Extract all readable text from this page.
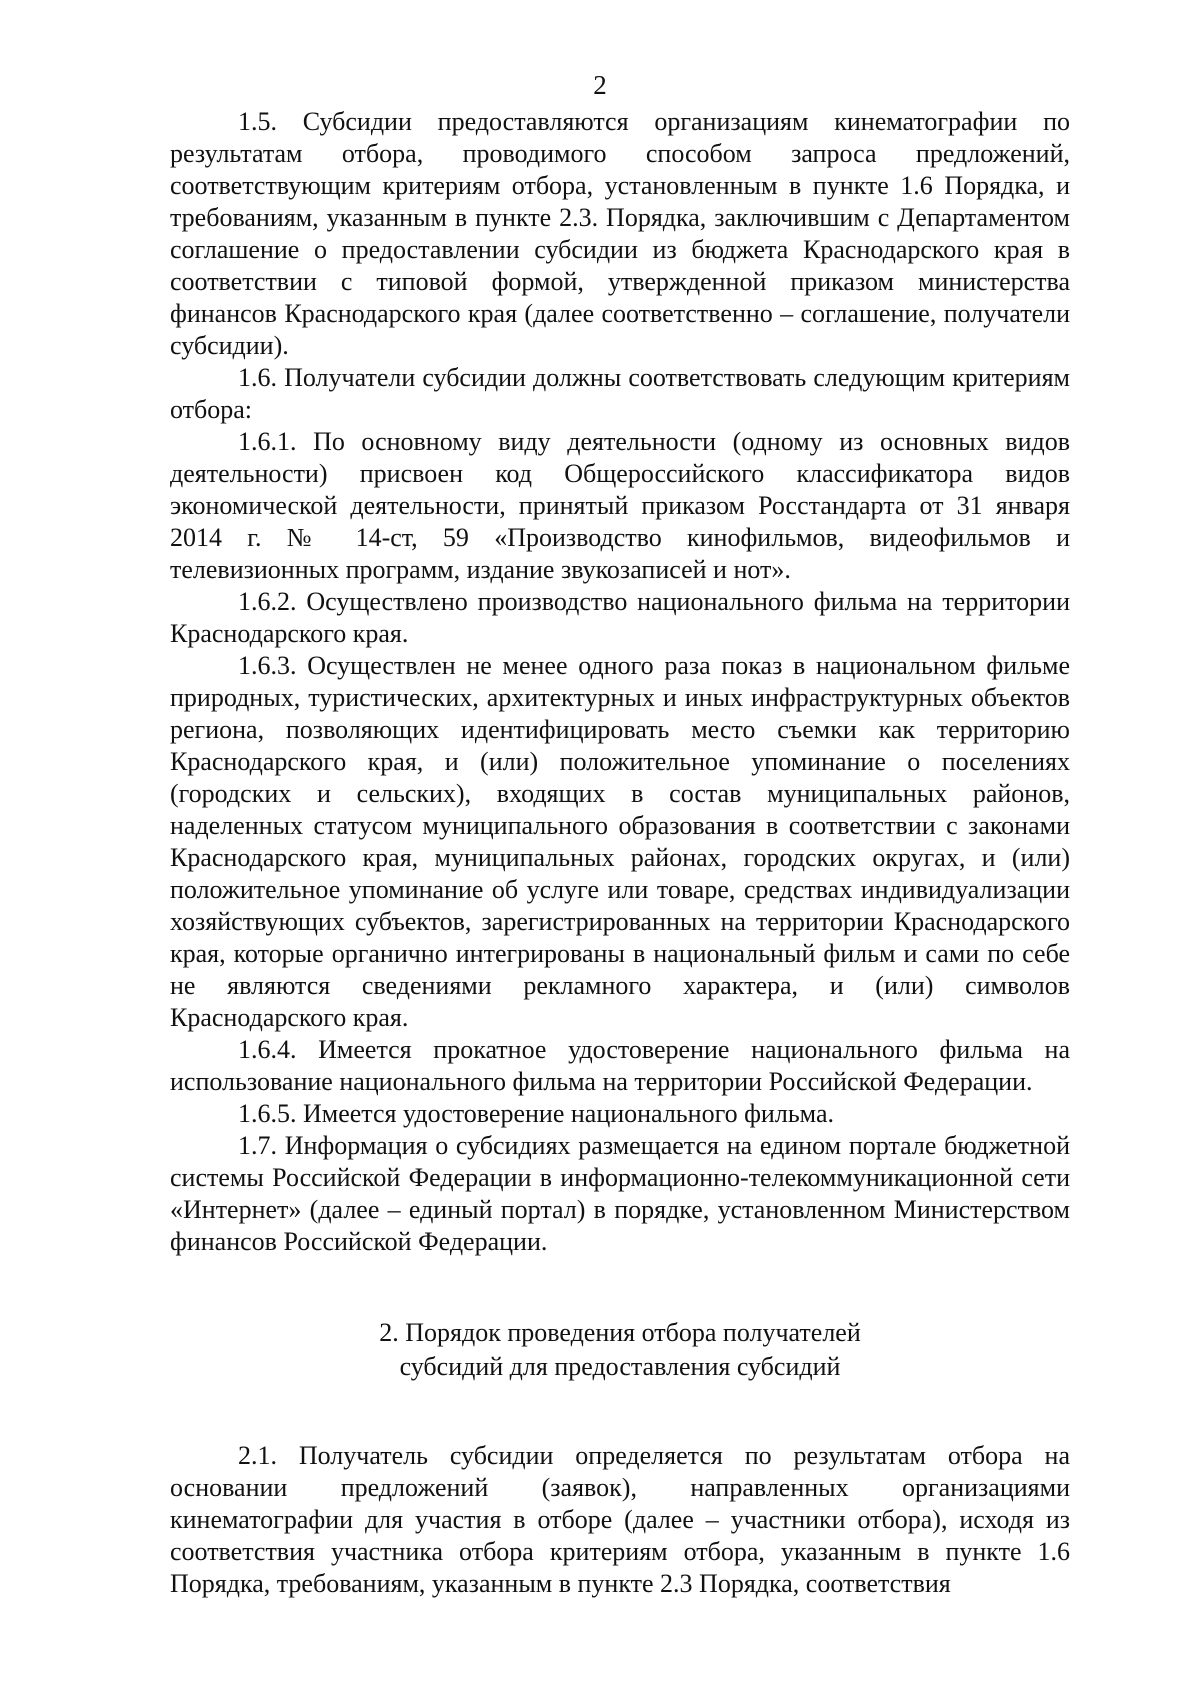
2

1.5. Субсидии предоставляются организациям кинематографии по результатам отбора, проводимого способом запроса предложений, соответствующим критериям отбора, установленным в пункте 1.6 Порядка, и требованиям, указанным в пункте 2.3. Порядка, заключившим с Департаментом соглашение о предоставлении субсидии из бюджета Краснодарского края в соответствии с типовой формой, утвержденной приказом министерства финансов Краснодарского края (далее соответственно – соглашение, получатели субсидии).

1.6. Получатели субсидии должны соответствовать следующим критериям отбора:

1.6.1. По основному виду деятельности (одному из основных видов деятельности) присвоен код Общероссийского классификатора видов экономической деятельности, принятый приказом Росстандарта от 31 января 2014 г. № 14-ст, 59 «Производство кинофильмов, видеофильмов и телевизионных программ, издание звукозаписей и нот».

1.6.2. Осуществлено производство национального фильма на территории Краснодарского края.

1.6.3. Осуществлен не менее одного раза показ в национальном фильме природных, туристических, архитектурных и иных инфраструктурных объектов региона, позволяющих идентифицировать место съемки как территорию Краснодарского края, и (или) положительное упоминание о поселениях (городских и сельских), входящих в состав муниципальных районов, наделенных статусом муниципального образования в соответствии с законами Краснодарского края, муниципальных районах, городских округах, и (или) положительное упоминание об услуге или товаре, средствах индивидуализации хозяйствующих субъектов, зарегистрированных на территории Краснодарского края, которые органично интегрированы в национальный фильм и сами по себе не являются сведениями рекламного характера, и (или) символов Краснодарского края.

1.6.4. Имеется прокатное удостоверение национального фильма на использование национального фильма на территории Российской Федерации.

1.6.5. Имеется удостоверение национального фильма.

1.7. Информация о субсидиях размещается на едином портале бюджетной системы Российской Федерации в информационно-телекоммуникационной сети «Интернет» (далее – единый портал) в порядке, установленном Министерством финансов Российской Федерации.

2. Порядок проведения отбора получателей
субсидий для предоставления субсидий

2.1. Получатель субсидии определяется по результатам отбора на основании предложений (заявок), направленных организациями кинематографии для участия в отборе (далее – участники отбора), исходя из соответствия участника отбора критериям отбора, указанным в пункте 1.6 Порядка, требованиям, указанным в пункте 2.3 Порядка, соответствия
